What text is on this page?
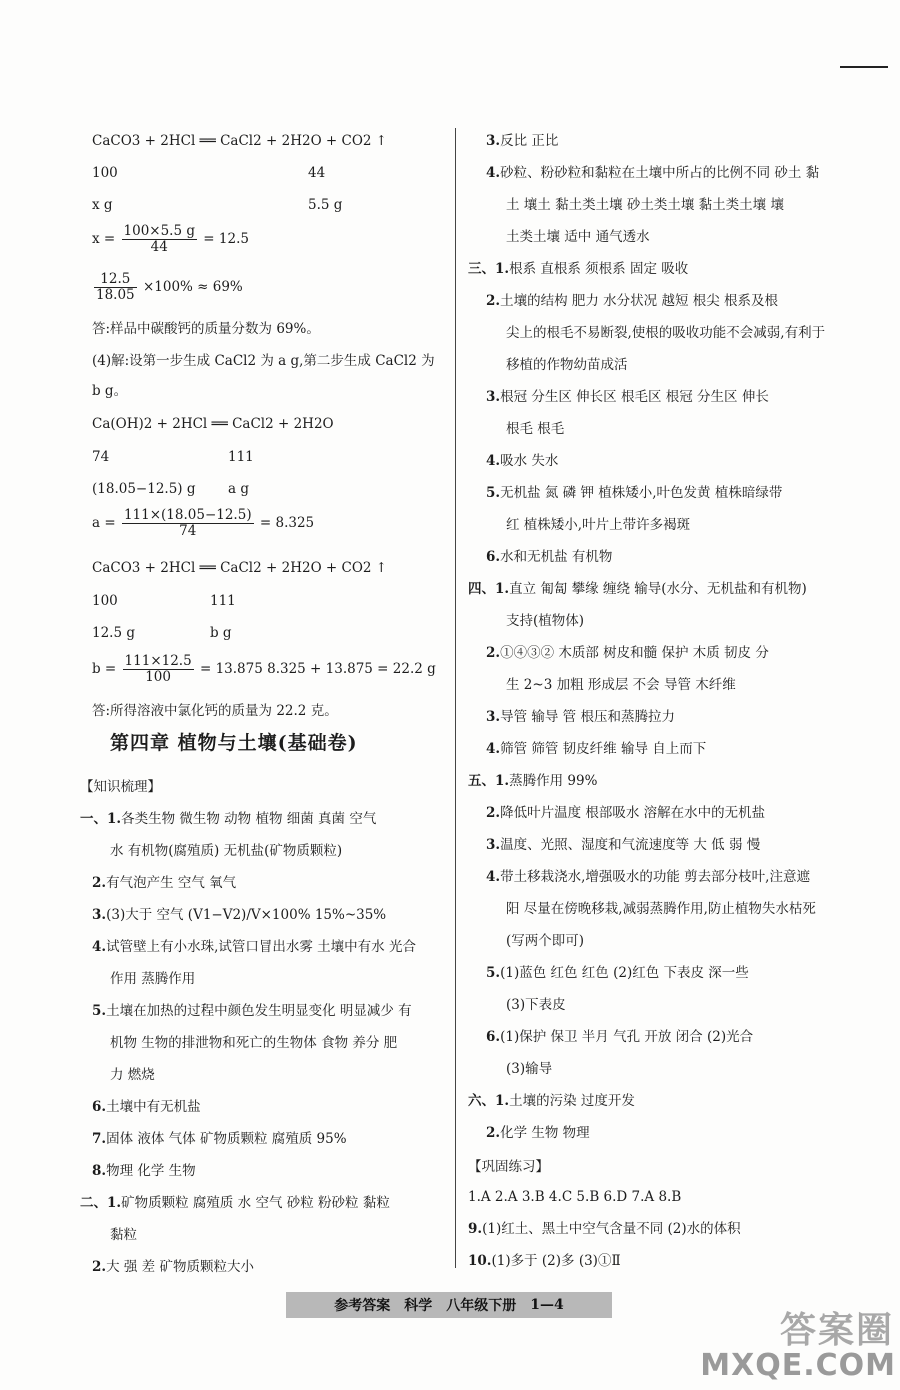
CaCO3 + 2HCl ══ CaCl2 + 2H2O + CO2 ↑
100	44
x g	5.5 g
$x = \frac{100\times 5.5 g}{44} = 12.5$
$\frac{12.5}{18.05} \times 100\% \approx 69\%$
答:样品中碳酸钙的质量分数为 69%。
(4)解:设第一步生成 CaCl2 为 a g,第二步生成 CaCl2 为
b g。
Ca(OH)2 + 2HCl ══ CaCl2 + 2H2O
74	111
(18.05−12.5) g a g
$a = \frac{111\times(18.05-12.5)}{74} = 8.325$
CaCO3 + 2HCl ══ CaCl2 + 2H2O + CO2 ↑
100	111
12.5 g	b g
$b = \frac{111\times 12.5}{100} = 13.875$ 8.325 + 13.875 = 22.2 g
答:所得溶液中氯化钙的质量为 22.2 克。
第四章 植物与土壤(基础卷)
【知识梳理】
一、1.各类生物 微生物 动物 植物 细菌 真菌 空气
水 有机物(腐殖质) 无机盐(矿物质颗粒)
2.有气泡产生 空气 氧气
3.(3)大于 空气 (V1−V2)/V×100% 15%~35%
4.试管壁上有小水珠,试管口冒出水雾 土壤中有水 光合
作用 蒸腾作用
5.土壤在加热的过程中颜色发生明显变化 明显减少 有
机物 生物的排泄物和死亡的生物体 食物 养分 肥
力 燃烧
6.土壤中有无机盐
7.固体 液体 气体 矿物质颗粒 腐殖质 95%
8.物理 化学 生物
二、1.矿物质颗粒 腐殖质 水 空气 砂粒 粉砂粒 黏粒
黏粒
2.大 强 差 矿物质颗粒大小
3.反比 正比
4.砂粒、粉砂粒和黏粒在土壤中所占的比例不同 砂土 黏
土 壤土 黏土类土壤 砂土类土壤 黏土类土壤 壤
土类土壤 适中 通气透水
三、1.根系 直根系 须根系 固定 吸收
2.土壤的结构 肥力 水分状况 越短 根尖 根系及根
尖上的根毛不易断裂,使根的吸收功能不会减弱,有利于
移植的作物幼苗成活
3.根冠 分生区 伸长区 根毛区 根冠 分生区 伸长
根毛 根毛
4.吸水 失水
5.无机盐 氮 磷 钾 植株矮小,叶色发黄 植株暗绿带
红 植株矮小,叶片上带许多褐斑
6.水和无机盐 有机物
四、1.直立 匍匐 攀缘 缠绕 输导(水分、无机盐和有机物)
支持(植物体)
2.①④③② 木质部 树皮和髓 保护 木质 韧皮 分
生 2~3 加粗 形成层 不会 导管 木纤维
3.导管 输导 管 根压和蒸腾拉力
4.筛管 筛管 韧皮纤维 输导 自上而下
五、1.蒸腾作用 99%
2.降低叶片温度 根部吸水 溶解在水中的无机盐
3.温度、光照、湿度和气流速度等 大 低 弱 慢
4.带土移栽浇水,增强吸水的功能 剪去部分枝叶,注意遮
阳 尽量在傍晚移栽,减弱蒸腾作用,防止植物失水枯死
(写两个即可)
5.(1)蓝色 红色 红色 (2)红色 下表皮 深一些
(3)下表皮
6.(1)保护 保卫 半月 气孔 开放 闭合 (2)光合
(3)输导
六、1.土壤的污染 过度开发
2.化学 生物 物理
【巩固练习】
1.A 2.A 3.B 4.C 5.B 6.D 7.A 8.B
9.(1)红土、黑土中空气含量不同 (2)水的体积
10.(1)多于 (2)多 (3)①Ⅱ
参考答案 科学 八年级下册 1—4
答案圈
MXQE.COM
